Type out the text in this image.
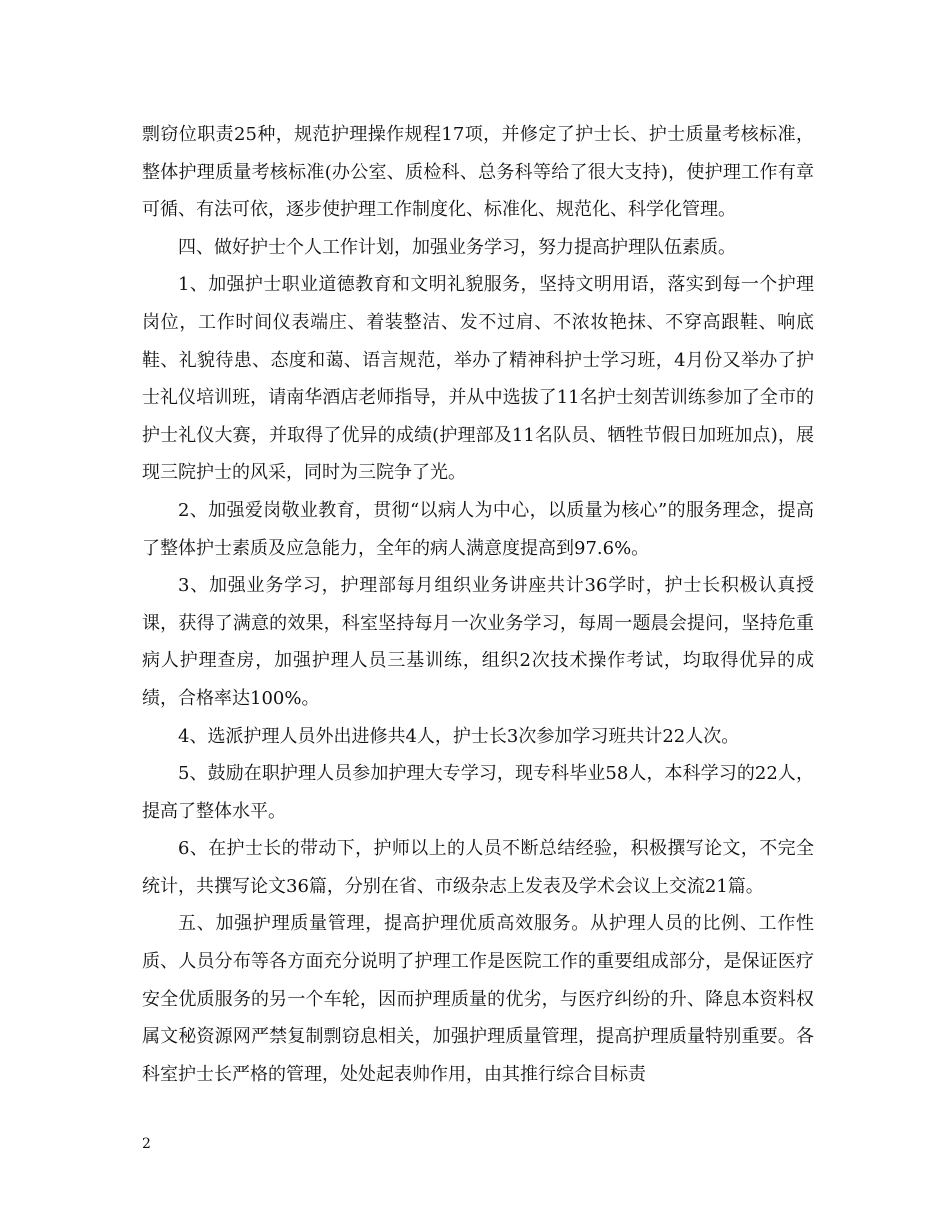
剽窃位职责25种，规范护理操作规程17项，并修定了护士长、护士质量考核标准，整体护理质量考核标准(办公室、质检科、总务科等给了很大支持)，使护理工作有章可循、有法可依，逐步使护理工作制度化、标准化、规范化、科学化管理。

四、做好护士个人工作计划，加强业务学习，努力提高护理队伍素质。

1、加强护士职业道德教育和文明礼貌服务，坚持文明用语，落实到每一个护理岗位，工作时间仪表端庄、着装整洁、发不过肩、不浓妆艳抹、不穿高跟鞋、响底鞋、礼貌待患、态度和蔼、语言规范，举办了精神科护士学习班，4月份又举办了护士礼仪培训班，请南华酒店老师指导，并从中选拔了11名护士刻苦训练参加了全市的护士礼仪大赛，并取得了优异的成绩(护理部及11名队员、牺牲节假日加班加点)，展现三院护士的风采，同时为三院争了光。

2、加强爱岗敬业教育，贯彻“以病人为中心，以质量为核心”的服务理念，提高了整体护士素质及应急能力，全年的病人满意度提高到97.6%。

3、加强业务学习，护理部每月组织业务讲座共计36学时，护士长积极认真授课，获得了满意的效果，科室坚持每月一次业务学习，每周一题晨会提问，坚持危重病人护理查房，加强护理人员三基训练，组织2次技术操作考试，均取得优异的成绩，合格率达100%。

4、选派护理人员外出进修共4人，护士长3次参加学习班共计22人次。

5、鼓励在职护理人员参加护理大专学习，现专科毕业58人，本科学习的22人，提高了整体水平。

6、在护士长的带动下，护师以上的人员不断总结经验，积极撰写论文，不完全统计，共撰写论文36篇，分别在省、市级杂志上发表及学术会议上交流21篇。

五、加强护理质量管理，提高护理优质高效服务。从护理人员的比例、工作性质、人员分布等各方面充分说明了护理工作是医院工作的重要组成部分，是保证医疗安全优质服务的另一个车轮，因而护理质量的优劣，与医疗纠纷的升、降息本资料权属文秘资源网严禁复制剽窃息相关，加强护理质量管理，提高护理质量特别重要。各科室护士长严格的管理，处处起表帅作用，由其推行综合目标责

2
